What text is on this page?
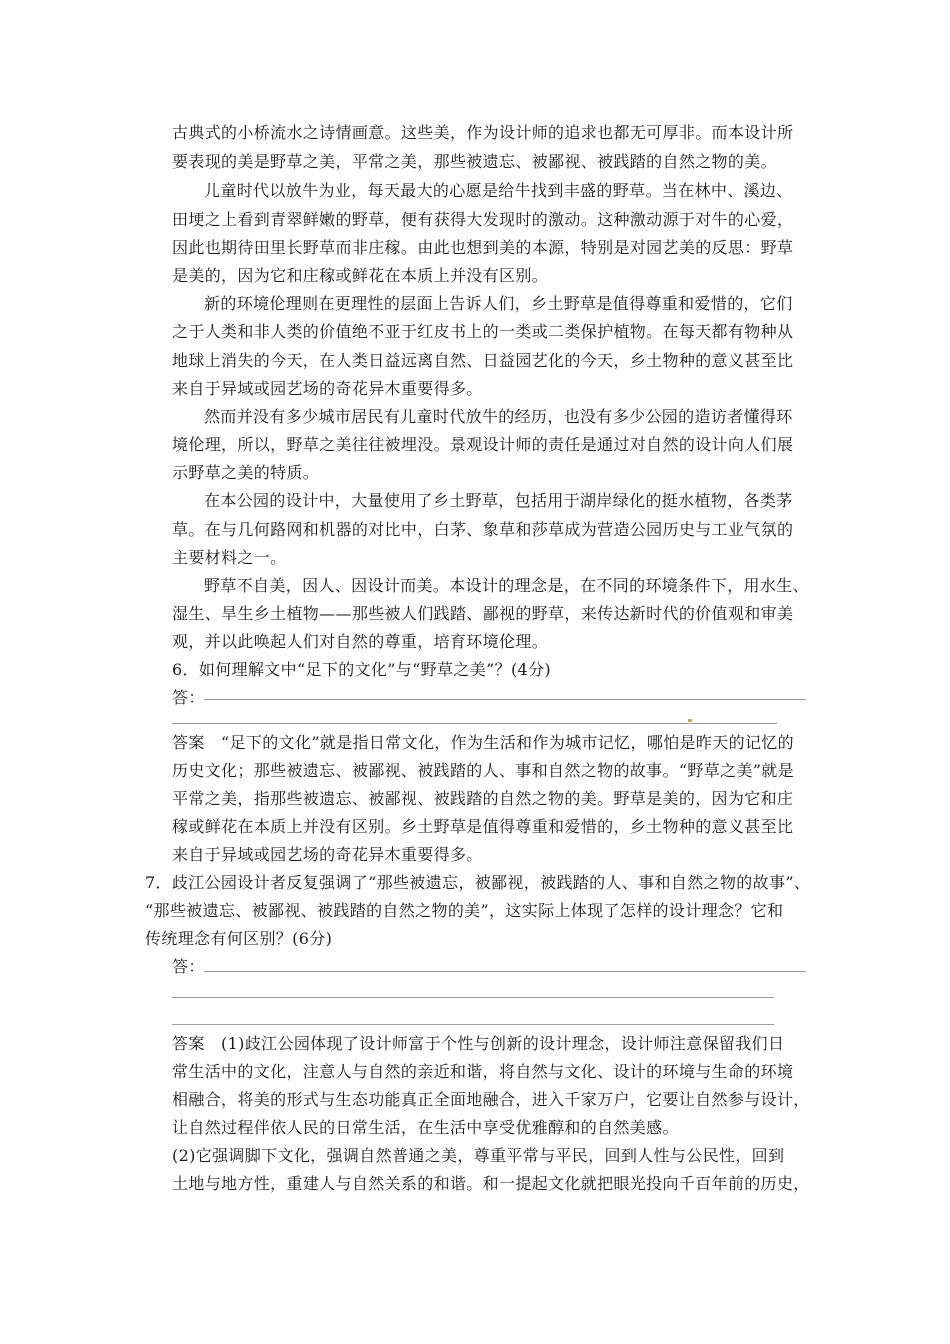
古典式的小桥流水之诗情画意。这些美，作为设计师的追求也都无可厚非。而本设计所
要表现的美是野草之美，平常之美，那些被遗忘、被鄙视、被践踏的自然之物的美。
儿童时代以放牛为业，每天最大的心愿是给牛找到丰盛的野草。当在林中、溪边、
田埂之上看到青翠鲜嫩的野草，便有获得大发现时的激动。这种激动源于对牛的心爱，
因此也期待田里长野草而非庄稼。由此也想到美的本源，特别是对园艺美的反思：野草
是美的，因为它和庄稼或鲜花在本质上并没有区别。
新的环境伦理则在更理性的层面上告诉人们，乡土野草是值得尊重和爱惜的，它们
之于人类和非人类的价值绝不亚于红皮书上的一类或二类保护植物。在每天都有物种从
地球上消失的今天，在人类日益远离自然、日益园艺化的今天，乡土物种的意义甚至比
来自于异域或园艺场的奇花异木重要得多。
然而并没有多少城市居民有儿童时代放牛的经历，也没有多少公园的造访者懂得环
境伦理，所以，野草之美往往被埋没。景观设计师的责任是通过对自然的设计向人们展
示野草之美的特质。
在本公园的设计中，大量使用了乡土野草，包括用于湖岸绿化的挺水植物，各类茅
草。在与几何路网和机器的对比中，白茅、象草和莎草成为营造公园历史与工业气氛的
主要材料之一。
野草不自美，因人、因设计而美。本设计的理念是，在不同的环境条件下，用水生、
湿生、旱生乡土植物——那些被人们践踏、鄙视的野草，来传达新时代的价值观和审美
观，并以此唤起人们对自然的尊重，培育环境伦理。
6．如何理解文中“足下的文化”与“野草之美”？(4分)
答：
答案　“足下的文化”就是指日常文化，作为生活和作为城市记忆，哪怕是昨天的记忆的
历史文化；那些被遗忘、被鄙视、被践踏的人、事和自然之物的故事。“野草之美”就是
平常之美，指那些被遗忘、被鄙视、被践踏的自然之物的美。野草是美的，因为它和庄
稼或鲜花在本质上并没有区别。乡土野草是值得尊重和爱惜的，乡土物种的意义甚至比
来自于异域或园艺场的奇花异木重要得多。
7．歧江公园设计者反复强调了“那些被遗忘，被鄙视，被践踏的人、事和自然之物的故事”、
“那些被遗忘、被鄙视、被践踏的自然之物的美”，这实际上体现了怎样的设计理念？它和
传统理念有何区别？(6分)
答：
答案　(1)歧江公园体现了设计师富于个性与创新的设计理念，设计师注意保留我们日
常生活中的文化，注意人与自然的亲近和谐，将自然与文化、设计的环境与生命的环境
相融合，将美的形式与生态功能真正全面地融合，进入千家万户，它要让自然参与设计，
让自然过程伴依人民的日常生活，在生活中享受优雅醇和的自然美感。
(2)它强调脚下文化，强调自然普通之美，尊重平常与平民，回到人性与公民性，回到
土地与地方性，重建人与自然关系的和谐。和一提起文化就把眼光投向千百年前的历史，
